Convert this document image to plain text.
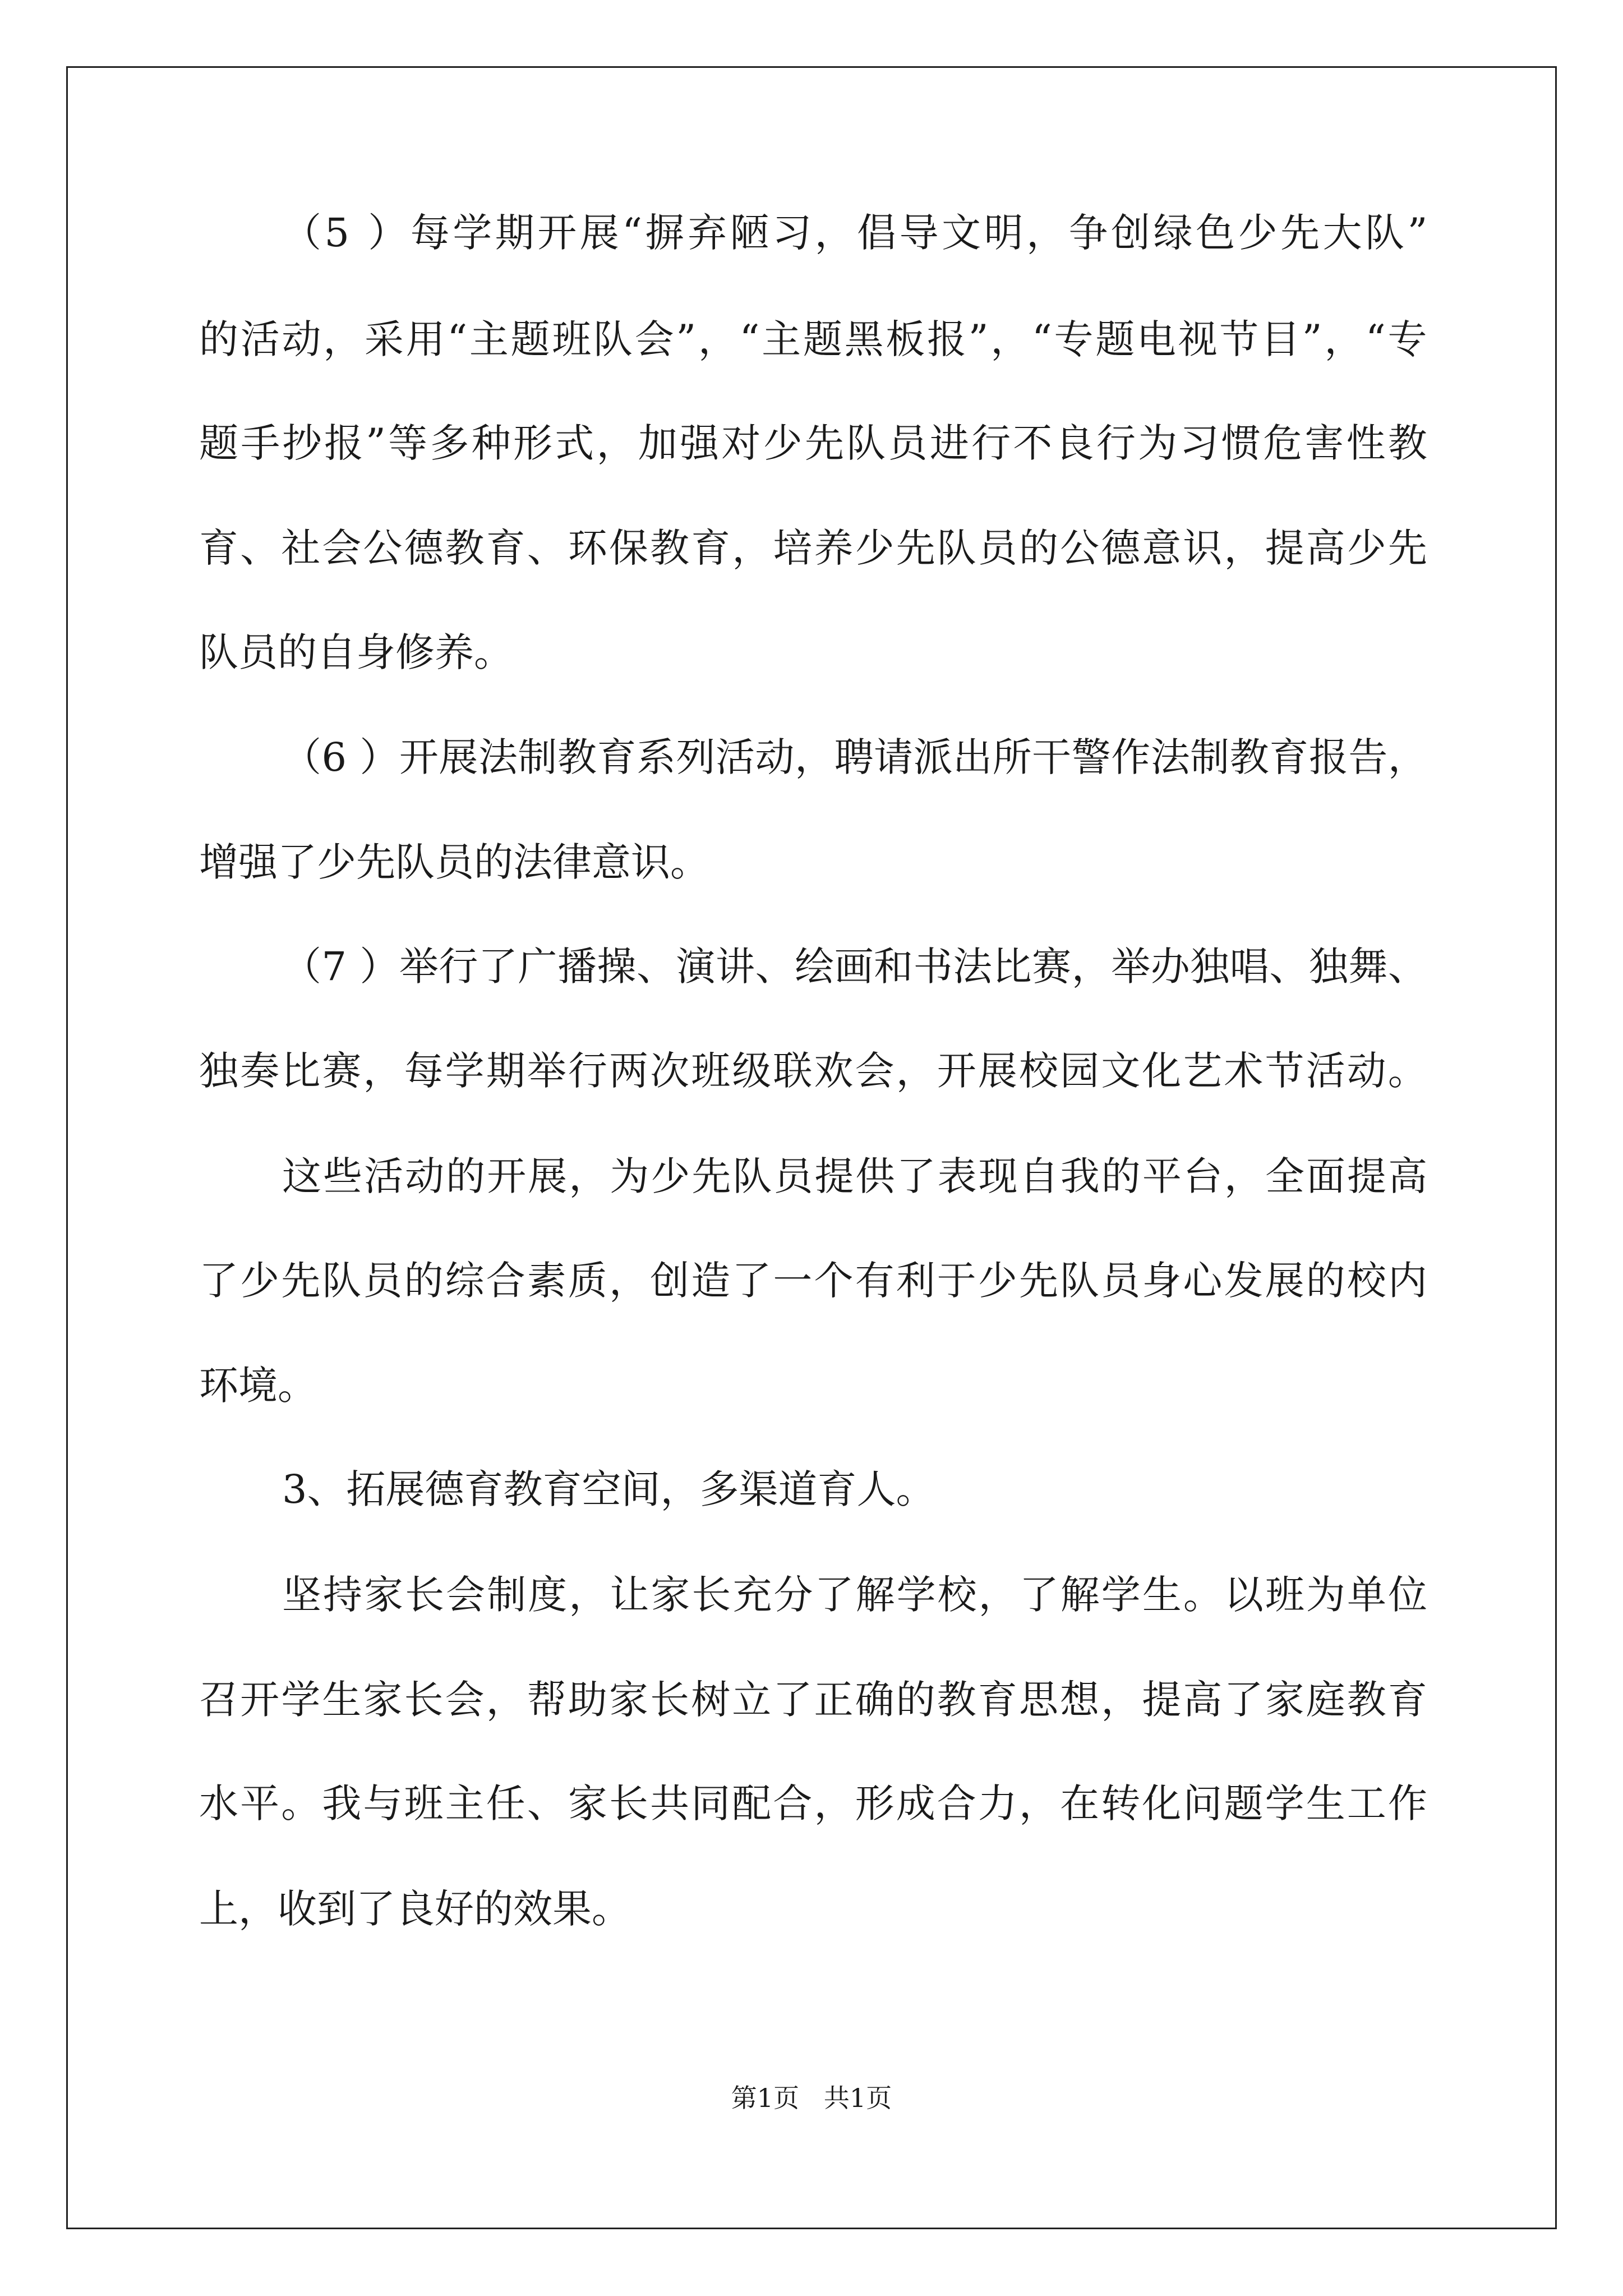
（5 ）每学期开展“摒弃陋习，倡导文明，争创绿色少先大队”
的活动，采用“主题班队会”，“主题黑板报”，“专题电视节目”，“专
题手抄报”等多种形式，加强对少先队员进行不良行为习惯危害性教
育、社会公德教育、环保教育，培养少先队员的公德意识，提高少先
队员的自身修养。
（6 ）开展法制教育系列活动，聘请派出所干警作法制教育报告，
增强了少先队员的法律意识。
（7 ）举行了广播操、演讲、绘画和书法比赛，举办独唱、独舞、
独奏比赛，每学期举行两次班级联欢会，开展校园文化艺术节活动。
这些活动的开展，为少先队员提供了表现自我的平台，全面提高
了少先队员的综合素质，创造了一个有利于少先队员身心发展的校内
环境。
3、拓展德育教育空间，多渠道育人。
坚持家长会制度，让家长充分了解学校，了解学生。以班为单位
召开学生家长会，帮助家长树立了正确的教育思想，提高了家庭教育
水平。我与班主任、家长共同配合，形成合力，在转化问题学生工作
上，收到了良好的效果。
第1页   共1页
